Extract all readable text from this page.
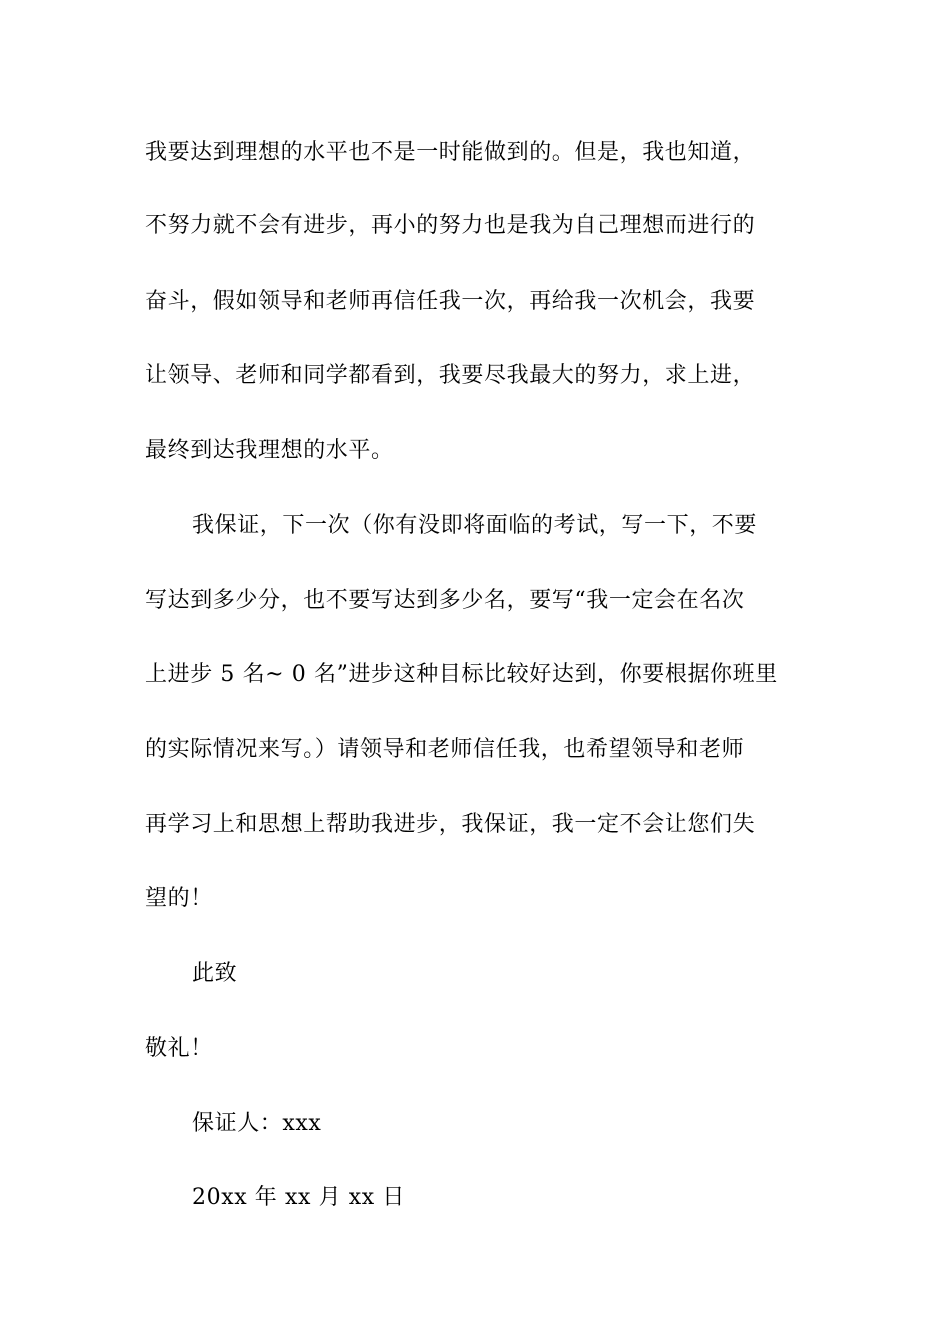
我要达到理想的水平也不是一时能做到的。但是，我也知道，
不努力就不会有进步，再小的努力也是我为自己理想而进行的
奋斗，假如领导和老师再信任我一次，再给我一次机会，我要
让领导、老师和同学都看到，我要尽我最大的努力，求上进，
最终到达我理想的水平。
我保证，下一次（你有没即将面临的考试，写一下，不要
写达到多少分，也不要写达到多少名，要写“我一定会在名次
上进步 5 名~ 0 名”进步这种目标比较好达到，你要根据你班里
的实际情况来写。）请领导和老师信任我，也希望领导和老师
再学习上和思想上帮助我进步，我保证，我一定不会让您们失
望的！
此致
敬礼！
保证人：xxx
20xx 年 xx 月 xx 日
